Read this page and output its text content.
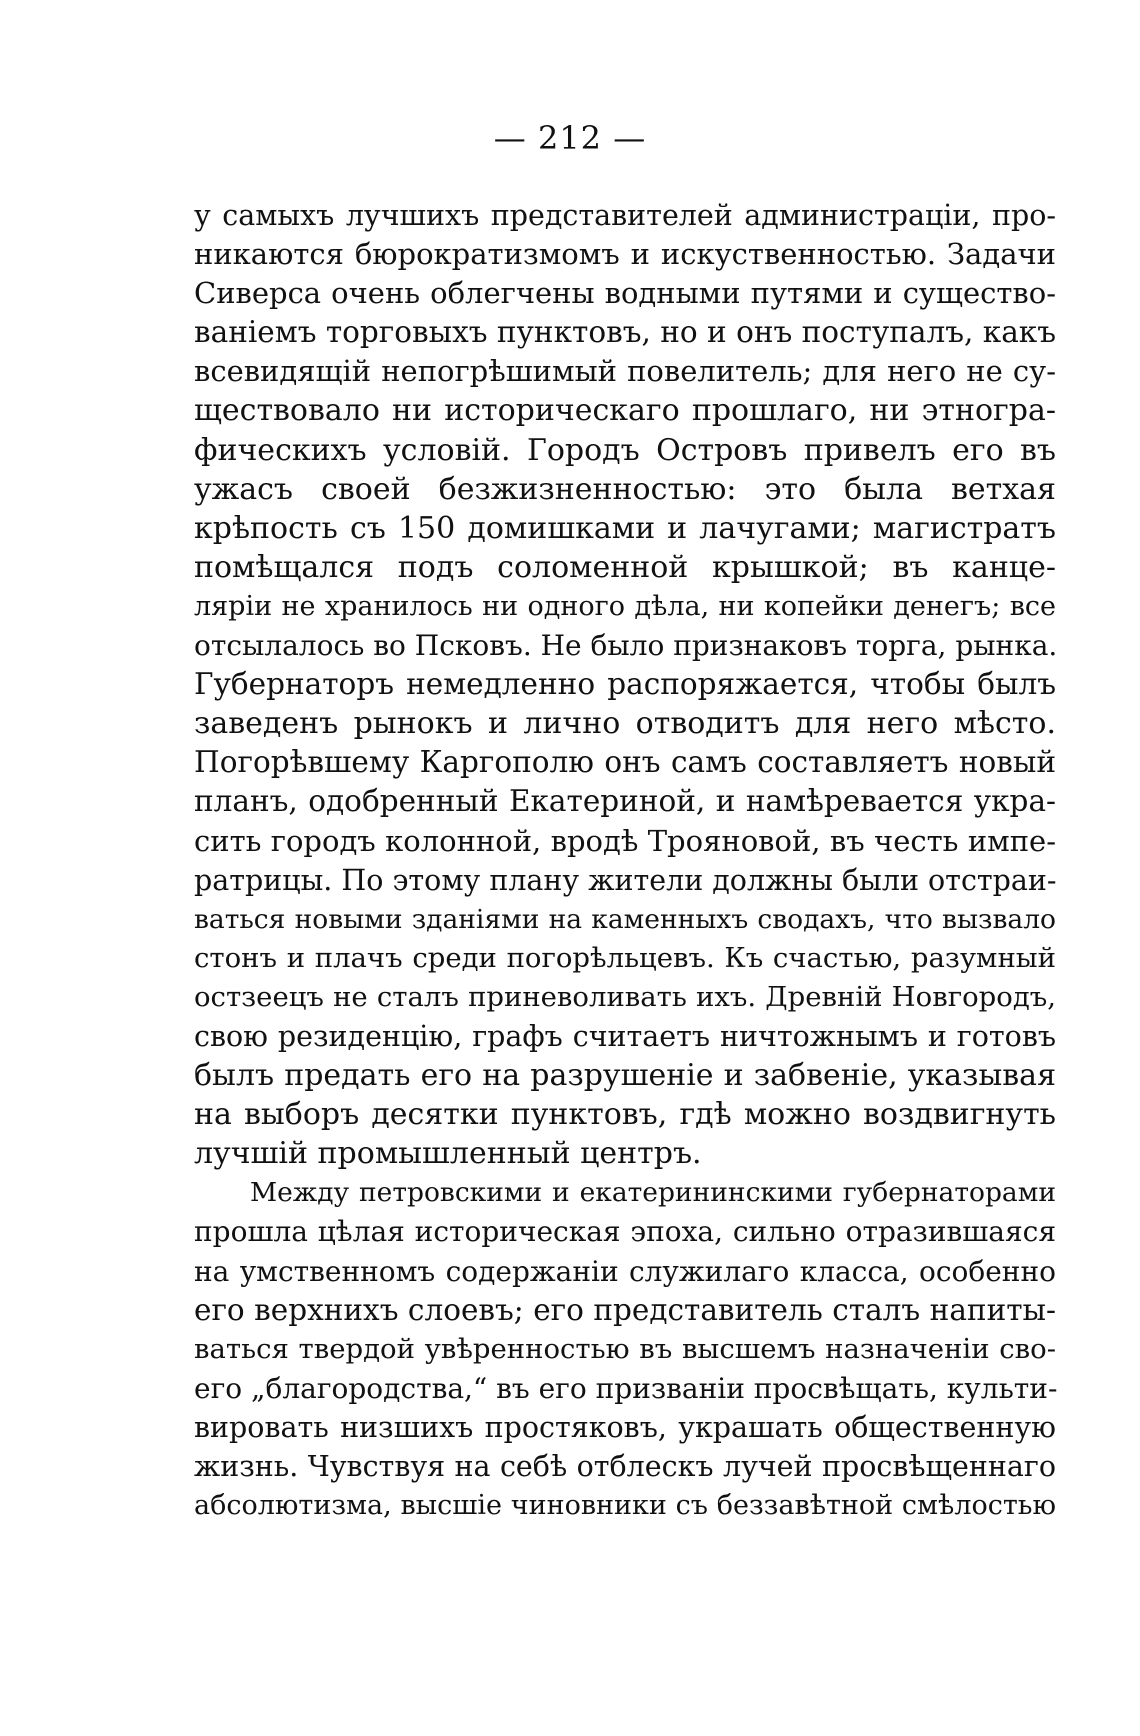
— 212 —
у самыхъ лучшихъ представителей администраціи, про-
никаются бюрократизмомъ и искуственностью. Задачи
Сиверса очень облегчены водными путями и существо-
ваніемъ торговыхъ пунктовъ, но и онъ поступалъ, какъ
всевидящій непогрѣшимый повелитель; для него не су-
ществовало ни историческаго прошлаго, ни этногра-
фическихъ условій. Городъ Островъ привелъ его въ
ужасъ своей безжизненностью: это была ветхая
крѣпость съ 150 домишками и лачугами; магистратъ
помѣщался подъ соломенной крышкой; въ канце-
ляріи не хранилось ни одного дѣла, ни копейки денегъ; все
отсылалось во Псковъ. Не было признаковъ торга, рынка.
Губернаторъ немедленно распоряжается, чтобы былъ
заведенъ рынокъ и лично отводитъ для него мѣсто.
Погорѣвшему Каргополю онъ самъ составляетъ новый
планъ, одобренный Екатериной, и намѣревается укра-
сить городъ колонной, вродѣ Трояновой, въ честь импе-
ратрицы. По этому плану жители должны были отстраи-
ваться новыми зданіями на каменныхъ сводахъ, что вызвало
стонъ и плачъ среди погорѣльцевъ. Къ счастью, разумный
остзеецъ не сталъ приневоливать ихъ. Древній Новгородъ,
свою резиденцію, графъ считаетъ ничтожнымъ и готовъ
былъ предать его на разрушеніе и забвеніе, указывая
на выборъ десятки пунктовъ, гдѣ можно воздвигнуть
лучшій промышленный центръ.
Между петровскими и екатерининскими губернаторами
прошла цѣлая историческая эпоха, сильно отразившаяся
на умственномъ содержаніи служилаго класса, особенно
его верхнихъ слоевъ; его представитель сталъ напиты-
ваться твердой увѣренностью въ высшемъ назначеніи сво-
его „благородства,“ въ его призваніи просвѣщать, культи-
вировать низшихъ простяковъ, украшать общественную
жизнь. Чувствуя на себѣ отблескъ лучей просвѣщеннаго
абсолютизма, высшіе чиновники съ беззавѣтной смѣлостью
